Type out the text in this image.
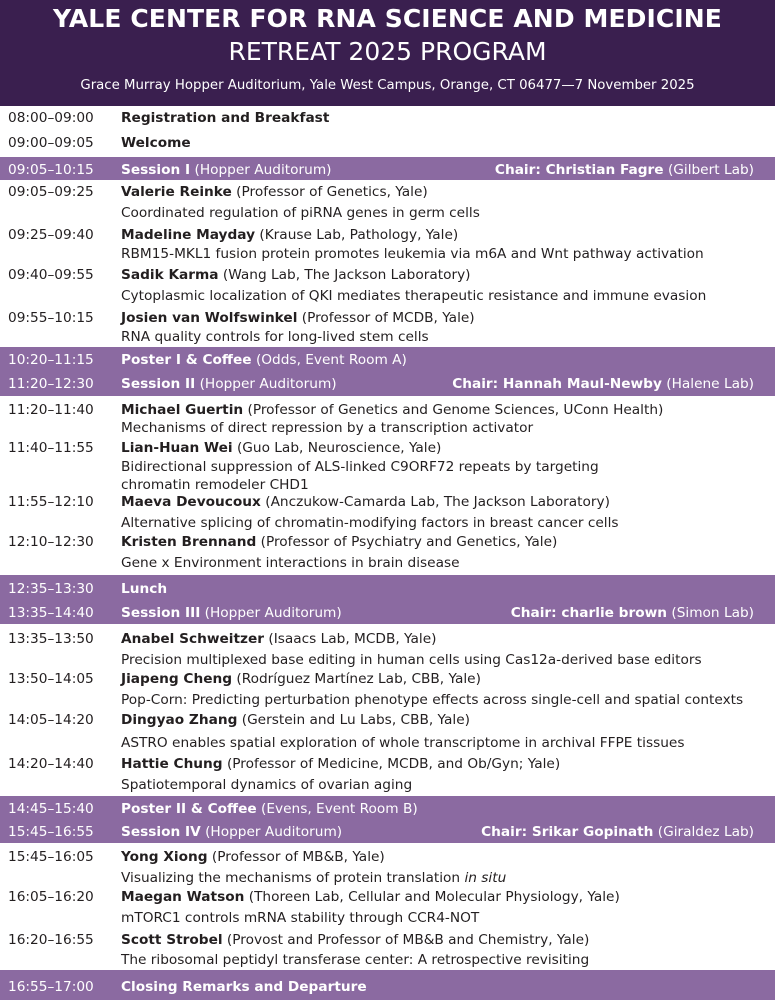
YALE CENTER FOR RNA SCIENCE AND MEDICINE
RETREAT 2025 PROGRAM
Grace Murray Hopper Auditorium, Yale West Campus, Orange, CT 06477—7 November 2025
08:00–09:00 Registration and Breakfast
09:00–09:05 Welcome
09:05–10:15 Session I (Hopper Auditorum)	Chair: Christian Fagre (Gilbert Lab)
09:05–09:25 Valerie Reinke (Professor of Genetics, Yale)
Coordinated regulation of piRNA genes in germ cells
09:25–09:40 Madeline Mayday (Krause Lab, Pathology, Yale)
RBM15-MKL1 fusion protein promotes leukemia via m6A and Wnt pathway activation
09:40–09:55 Sadik Karma (Wang Lab, The Jackson Laboratory)
Cytoplasmic localization of QKI mediates therapeutic resistance and immune evasion
09:55–10:15 Josien van Wolfswinkel (Professor of MCDB, Yale)
RNA quality controls for long-lived stem cells
10:20–11:15 Poster I & Coffee (Odds, Event Room A)
11:20–12:30 Session II (Hopper Auditorum)	Chair: Hannah Maul-Newby (Halene Lab)
11:20–11:40 Michael Guertin (Professor of Genetics and Genome Sciences, UConn Health)
Mechanisms of direct repression by a transcription activator
11:40–11:55 Lian-Huan Wei (Guo Lab, Neuroscience, Yale)
Bidirectional suppression of ALS-linked C9ORF72 repeats by targeting
chromatin remodeler CHD1
11:55–12:10 Maeva Devoucoux (Anczukow-Camarda Lab, The Jackson Laboratory)
Alternative splicing of chromatin-modifying factors in breast cancer cells
12:10–12:30 Kristen Brennand (Professor of Psychiatry and Genetics, Yale)
Gene x Environment interactions in brain disease
12:35–13:30 Lunch
13:35–14:40 Session III (Hopper Auditorum)	Chair: charlie brown (Simon Lab)
13:35–13:50 Anabel Schweitzer (Isaacs Lab, MCDB, Yale)
Precision multiplexed base editing in human cells using Cas12a-derived base editors
13:50–14:05 Jiapeng Cheng (Rodríguez Martínez Lab, CBB, Yale)
Pop-Corn: Predicting perturbation phenotype effects across single-cell and spatial contexts
14:05–14:20 Dingyao Zhang (Gerstein and Lu Labs, CBB, Yale)
ASTRO enables spatial exploration of whole transcriptome in archival FFPE tissues
14:20–14:40 Hattie Chung (Professor of Medicine, MCDB, and Ob/Gyn; Yale)
Spatiotemporal dynamics of ovarian aging
14:45–15:40 Poster II & Coffee (Evens, Event Room B)
15:45–16:55 Session IV (Hopper Auditorum)	Chair: Srikar Gopinath (Giraldez Lab)
15:45–16:05 Yong Xiong (Professor of MB&B, Yale)
Visualizing the mechanisms of protein translation in situ
16:05–16:20 Maegan Watson (Thoreen Lab, Cellular and Molecular Physiology, Yale)
mTORC1 controls mRNA stability through CCR4-NOT
16:20–16:55 Scott Strobel (Provost and Professor of MB&B and Chemistry, Yale)
The ribosomal peptidyl transferase center: A retrospective revisiting
16:55–17:00 Closing Remarks and Departure
